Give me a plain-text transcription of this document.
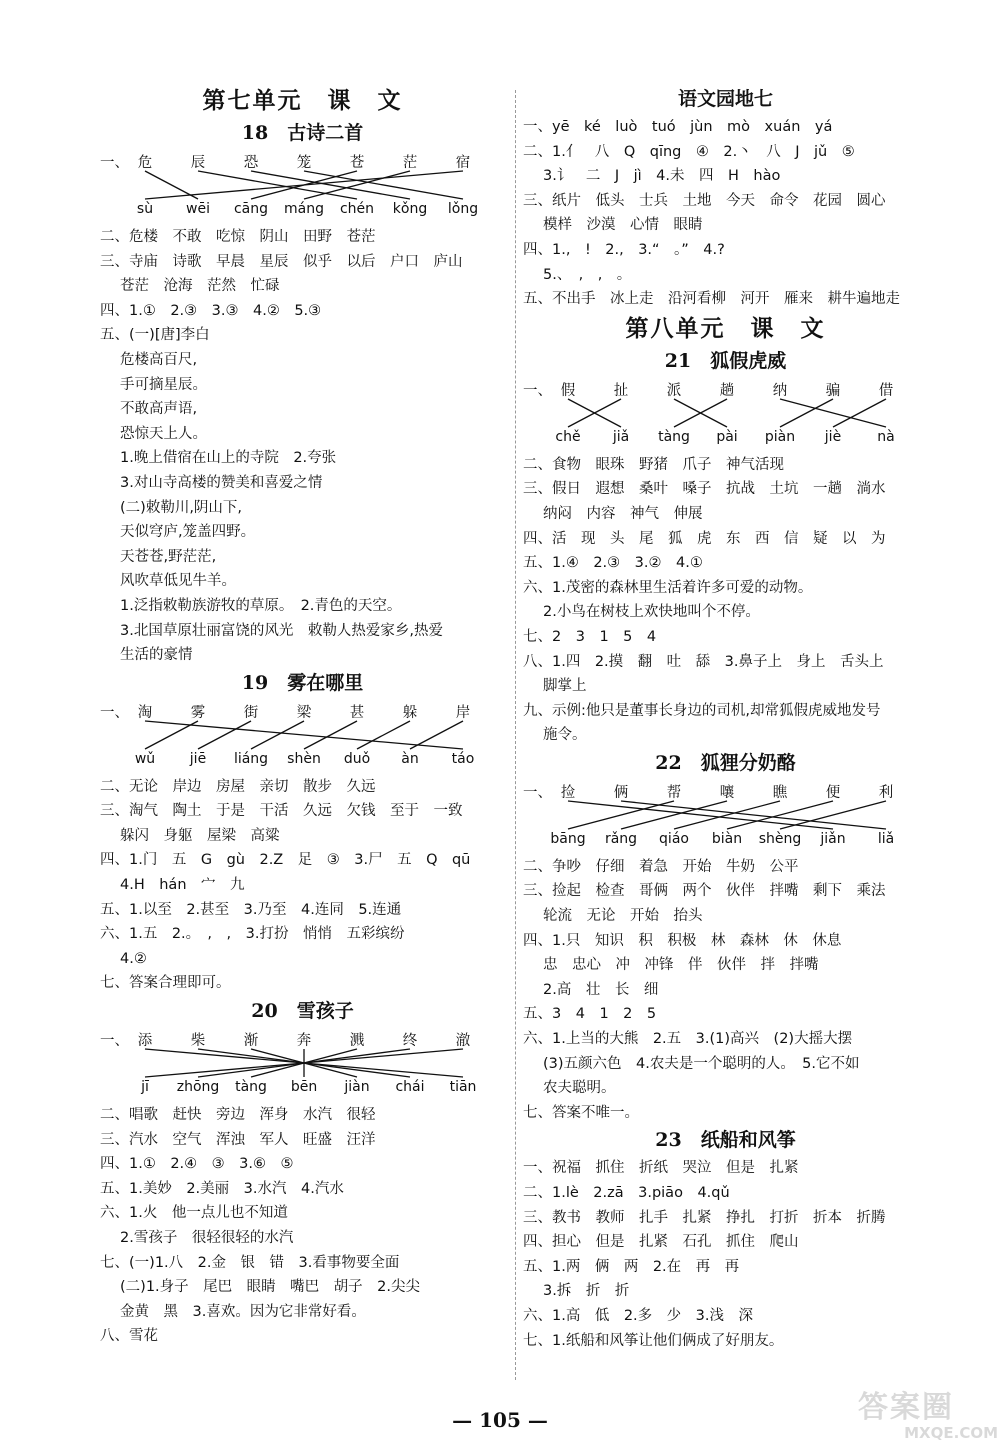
第七单元　课　文
18　古诗二首
一、 危	辰	恐	笼	苍	茫	宿
sù wēi cāng máng chén kǒng lǒng
二、危楼　不敢　吃惊　阴山　田野　苍茫
三、寺庙　诗歌　早晨　星辰　似乎　以后　户口　庐山
苍茫　沧海　茫然　忙碌
四、1.①　2.③　3.③　4.②　5.③
五、(一)[唐]李白
危楼高百尺,
手可摘星辰。
不敢高声语,
恐惊天上人。
1.晚上借宿在山上的寺院　2.夸张
3.对山寺高楼的赞美和喜爱之情
(二)敕勒川,阴山下,
天似穹庐,笼盖四野。
天苍苍,野茫茫,
风吹草低见牛羊。
1.泛指敕勒族游牧的草原。　2.青色的天空。
3.北国草原壮丽富饶的风光　敕勒人热爱家乡,热爱
生活的豪情
19　雾在哪里
一、 淘	雾	街	梁	甚	躲	岸
wǔ jiē liáng shèn duǒ àn táo
二、无论　岸边　房屋　亲切　散步　久远
三、淘气　陶土　于是　干活　久远　欠钱　至于　一致
躲闪　身躯　屋梁　高粱
四、1.门　五　G　gù　2.Z　足　③　3.尸　五　Q　qū
4.H　hán　宀　九
五、1.以至　2.甚至　3.乃至　4.连同　5.连通
六、1.五　2.。　,　,　3.打扮　悄悄　五彩缤纷
4.②
七、答案合理即可。
20　雪孩子
一、 添	柴	渐	奔	溅	终	澈
jī zhōng tàng bēn jiàn chái tiān
二、唱歌　赶快　旁边　浑身　水汽　很轻
三、汽水　空气　浑浊　军人　旺盛　汪洋
四、1.①　2.④　③　3.⑥　⑤
五、1.美妙　2.美丽　3.水汽　4.汽水
六、1.火　他一点儿也不知道
2.雪孩子　很轻很轻的水汽
七、(一)1.八　2.金　银　错　3.看事物要全面
(二)1.身子　尾巴　眼睛　嘴巴　胡子　2.尖尖
金黄　黑　3.喜欢。因为它非常好看。
八、雪花
语文园地七
一、yē　ké　luò　tuó　jùn　mò　xuán　yá
二、1.亻　八　Q　qīng　④　2.丶　八　J　jǔ　⑤
3.讠　二　J　jì　4.未　四　H　hào
三、纸片　低头　士兵　土地　今天　命令　花园　圆心
模样　沙漠　心情　眼睛
四、1.,　!　2.,　3.“　。”　4.?
5.、　,　,　。
五、不出手　冰上走　沿河看柳　河开　雁来　耕牛遍地走
第八单元　课　文
21　狐假虎威
一、 假	扯	派	趟	纳	骗	借
chě jiǎ tàng pài piàn jiè	nà
二、食物　眼珠　野猪　爪子　神气活现
三、假日　遐想　桑叶　嗓子　抗战　土坑　一趟　淌水
纳闷　内容　神气　伸展
四、活　现　头　尾　狐　虎　东　西　信　疑　以　为
五、1.④　2.③　3.②　4.①
六、1.茂密的森林里生活着许多可爱的动物。
2.小鸟在树枝上欢快地叫个不停。
七、2　3　1　5　4
八、1.四　2.摸　翻　吐　舔　3.鼻子上　身上　舌头上
脚掌上
九、示例:他只是董事长身边的司机,却常狐假虎威地发号
施令。
22　狐狸分奶酪
一、 捡	俩	帮	嚷	瞧	便	利
bāng rǎng qiáo biàn shèng jiǎn liǎ
二、争吵　仔细　着急　开始　牛奶　公平
三、捡起　检查　哥俩　两个　伙伴　拌嘴　剩下　乘法
轮流　无论　开始　抬头
四、1.只　知识　积　积极　林　森林　休　休息
忠　忠心　冲　冲锋　伴　伙伴　拌　拌嘴
2.高　壮　长　细
五、3　4　1　2　5
六、1.上当的大熊　2.五　3.(1)高兴　(2)大摇大摆
(3)五颜六色　4.农夫是一个聪明的人。　5.它不如
农夫聪明。
七、答案不唯一。
23　纸船和风筝
一、祝福　抓住　折纸　哭泣　但是　扎紧
二、1.lè　2.zā　3.piāo　4.qǔ
三、教书　教师　扎手　扎紧　挣扎　打折　折本　折腾
四、担心　但是　扎紧　石孔　抓住　爬山
五、1.两　俩　两　2.在　再　再
3.拆　折　折
六、1.高　低　2.多　少　3.浅　深
七、1.纸船和风筝让他们俩成了好朋友。
— 105 —	答案圈
MXQE.COM
